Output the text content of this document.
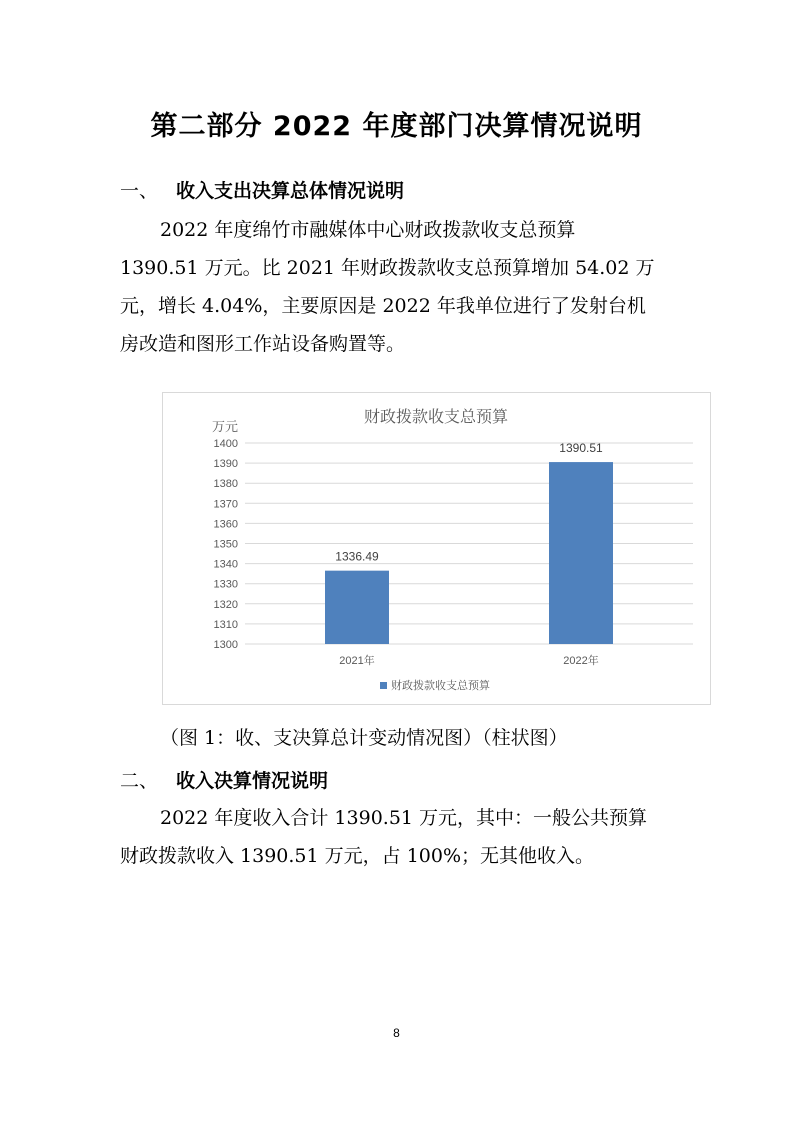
第二部分 2022 年度部门决算情况说明
一、 收入支出决算总体情况说明
2022 年度绵竹市融媒体中心财政拨款收支总预算
1390.51 万元。比 2021 年财政拨款收支总预算增加 54.02 万
元，增长 4.04%，主要原因是 2022 年我单位进行了发射台机
房改造和图形工作站设备购置等。
财政拨款收支总预算
万元
1300
1310
1320
1330
1340
1350
1360
1370
1380
1390
1400
1336.49
1390.51
2021年	2022年
财政拨款收支总预算
（图 1：收、支决算总计变动情况图）（柱状图）
二、 收入决算情况说明
2022 年度收入合计 1390.51 万元，其中：一般公共预算
财政拨款收入 1390.51 万元，占 100%；无其他收入。
8
